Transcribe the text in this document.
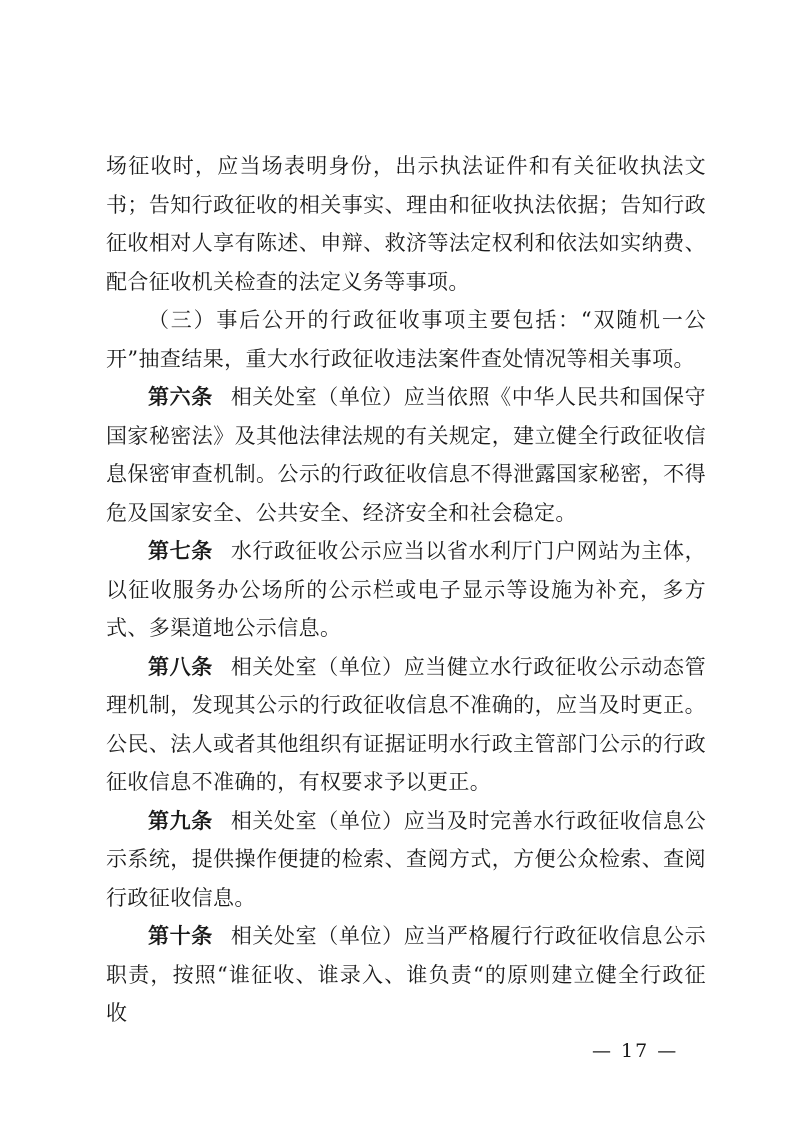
场征收时，应当场表明身份，出示执法证件和有关征收执法文书；告知行政征收的相关事实、理由和征收执法依据；告知行政征收相对人享有陈述、申辩、救济等法定权利和依法如实纳费、配合征收机关检查的法定义务等事项。

（三）事后公开的行政征收事项主要包括：“双随机一公开”抽查结果，重大水行政征收违法案件查处情况等相关事项。

第六条 相关处室（单位）应当依照《中华人民共和国保守国家秘密法》及其他法律法规的有关规定，建立健全行政征收信息保密审查机制。公示的行政征收信息不得泄露国家秘密，不得危及国家安全、公共安全、经济安全和社会稳定。

第七条 水行政征收公示应当以省水利厅门户网站为主体，以征收服务办公场所的公示栏或电子显示等设施为补充，多方式、多渠道地公示信息。

第八条 相关处室（单位）应当健立水行政征收公示动态管理机制，发现其公示的行政征收信息不准确的，应当及时更正。公民、法人或者其他组织有证据证明水行政主管部门公示的行政征收信息不准确的，有权要求予以更正。

第九条 相关处室（单位）应当及时完善水行政征收信息公示系统，提供操作便捷的检索、查阅方式，方便公众检索、查阅行政征收信息。

第十条 相关处室（单位）应当严格履行行政征收信息公示职责，按照“谁征收、谁录入、谁负责“的原则建立健全行政征收

— 17 —
